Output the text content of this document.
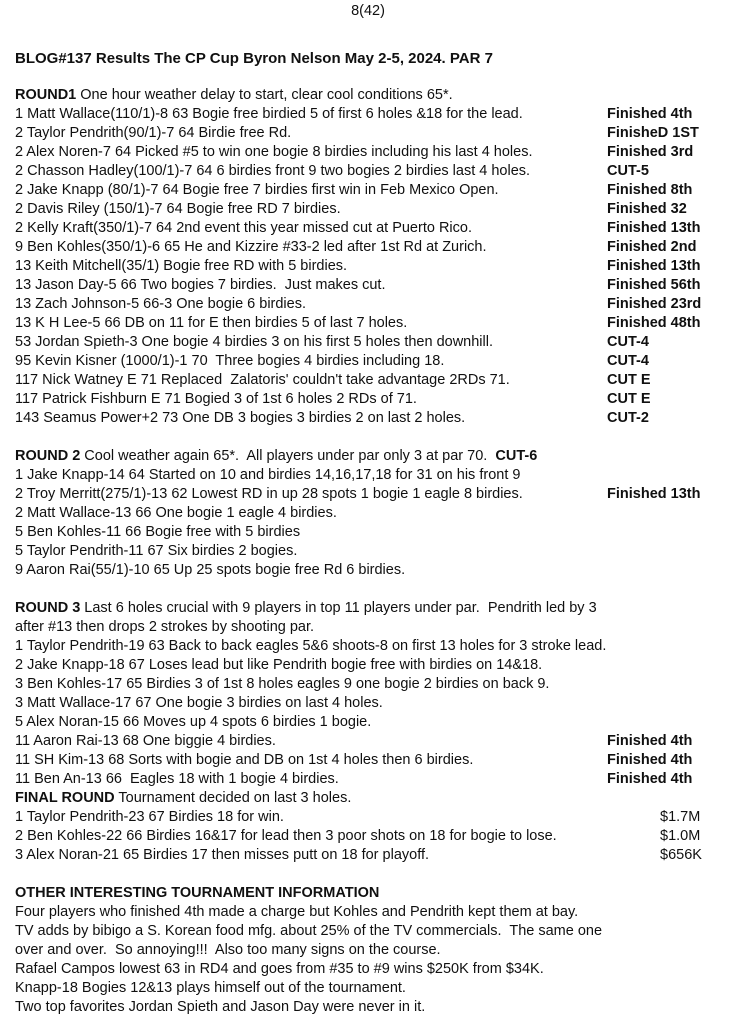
8(42)
BLOG#137 Results The CP Cup Byron Nelson May 2-5, 2024. PAR 7
ROUND1 One hour weather delay to start, clear cool conditions 65*.
1 Matt Wallace(110/1)-8 63 Bogie free birdied 5 of first 6 holes &18 for the lead.	Finished 4th
2 Taylor Pendrith(90/1)-7 64 Birdie free Rd.	FinisheD 1ST
2 Alex Noren-7 64 Picked #5 to win one bogie 8 birdies including his last 4 holes.	Finished 3rd
2 Chasson Hadley(100/1)-7 64 6 birdies front 9 two bogies 2 birdies last 4 holes.	CUT-5
2 Jake Knapp (80/1)-7 64 Bogie free 7 birdies first win in Feb Mexico Open.	Finished 8th
2 Davis Riley (150/1)-7 64 Bogie free RD 7 birdies.	Finished 32
2 Kelly Kraft(350/1)-7 64 2nd event this year missed cut at Puerto Rico.	Finished 13th
9 Ben Kohles(350/1)-6 65 He and Kizzire #33-2 led after 1st Rd at Zurich.	Finished 2nd
13 Keith Mitchell(35/1) Bogie free RD with 5 birdies.	Finished 13th
13 Jason Day-5 66 Two bogies 7 birdies.  Just makes cut.	Finished 56th
13 Zach Johnson-5 66-3 One bogie 6 birdies.	Finished 23rd
13 K H Lee-5 66 DB on 11 for E then birdies 5 of last 7 holes.	Finished 48th
53 Jordan Spieth-3 One bogie 4 birdies 3 on his first 5 holes then downhill.	CUT-4
95 Kevin Kisner (1000/1)-1 70  Three bogies 4 birdies including 18.	CUT-4
117 Nick Watney E 71 Replaced  Zalatoris' couldn't take advantage 2RDs 71.	CUT E
117 Patrick Fishburn E 71 Bogied 3 of 1st 6 holes 2 RDs of 71.	CUT E
143 Seamus Power+2 73 One DB 3 bogies 3 birdies 2 on last 2 holes.	CUT-2
ROUND 2 Cool weather again 65*.  All players under par only 3 at par 70.  CUT-6
1 Jake Knapp-14 64 Started on 10 and birdies 14,16,17,18 for 31 on his front 9
2 Troy Merritt(275/1)-13 62 Lowest RD in up 28 spots 1 bogie 1 eagle 8 birdies.	Finished 13th
2 Matt Wallace-13 66 One bogie 1 eagle 4 birdies.
5 Ben Kohles-11 66 Bogie free with 5 birdies
5 Taylor Pendrith-11 67 Six birdies 2 bogies.
9 Aaron Rai(55/1)-10 65 Up 25 spots bogie free Rd 6 birdies.
ROUND 3 Last 6 holes crucial with 9 players in top 11 players under par.  Pendrith led by 3
after #13 then drops 2 strokes by shooting par.
1 Taylor Pendrith-19 63 Back to back eagles 5&6 shoots-8 on first 13 holes for 3 stroke lead.
2 Jake Knapp-18 67 Loses lead but like Pendrith bogie free with birdies on 14&18.
3 Ben Kohles-17 65 Birdies 3 of 1st 8 holes eagles 9 one bogie 2 birdies on back 9.
3 Matt Wallace-17 67 One bogie 3 birdies on last 4 holes.
5 Alex Noran-15 66 Moves up 4 spots 6 birdies 1 bogie.
11 Aaron Rai-13 68 One biggie 4 birdies.	Finished 4th
11 SH Kim-13 68 Sorts with bogie and DB on 1st 4 holes then 6 birdies.	Finished 4th
11 Ben An-13 66  Eagles 18 with 1 bogie 4 birdies.	Finished 4th
FINAL ROUND Tournament decided on last 3 holes.
1 Taylor Pendrith-23 67 Birdies 18 for win.	$1.7M
2 Ben Kohles-22 66 Birdies 16&17 for lead then 3 poor shots on 18 for bogie to lose.	$1.0M
3 Alex Noran-21 65 Birdies 17 then misses putt on 18 for playoff.	$656K
OTHER INTERESTING TOURNAMENT INFORMATION
Four players who finished 4th made a charge but Kohles and Pendrith kept them at bay.
TV adds by bibigo a S. Korean food mfg. about 25% of the TV commercials.  The same one
over and over.  So annoying!!!  Also too many signs on the course.
Rafael Campos lowest 63 in RD4 and goes from #35 to #9 wins $250K from $34K.
Knapp-18 Bogies 12&13 plays himself out of the tournament.
Two top favorites Jordan Spieth and Jason Day were never in it.
